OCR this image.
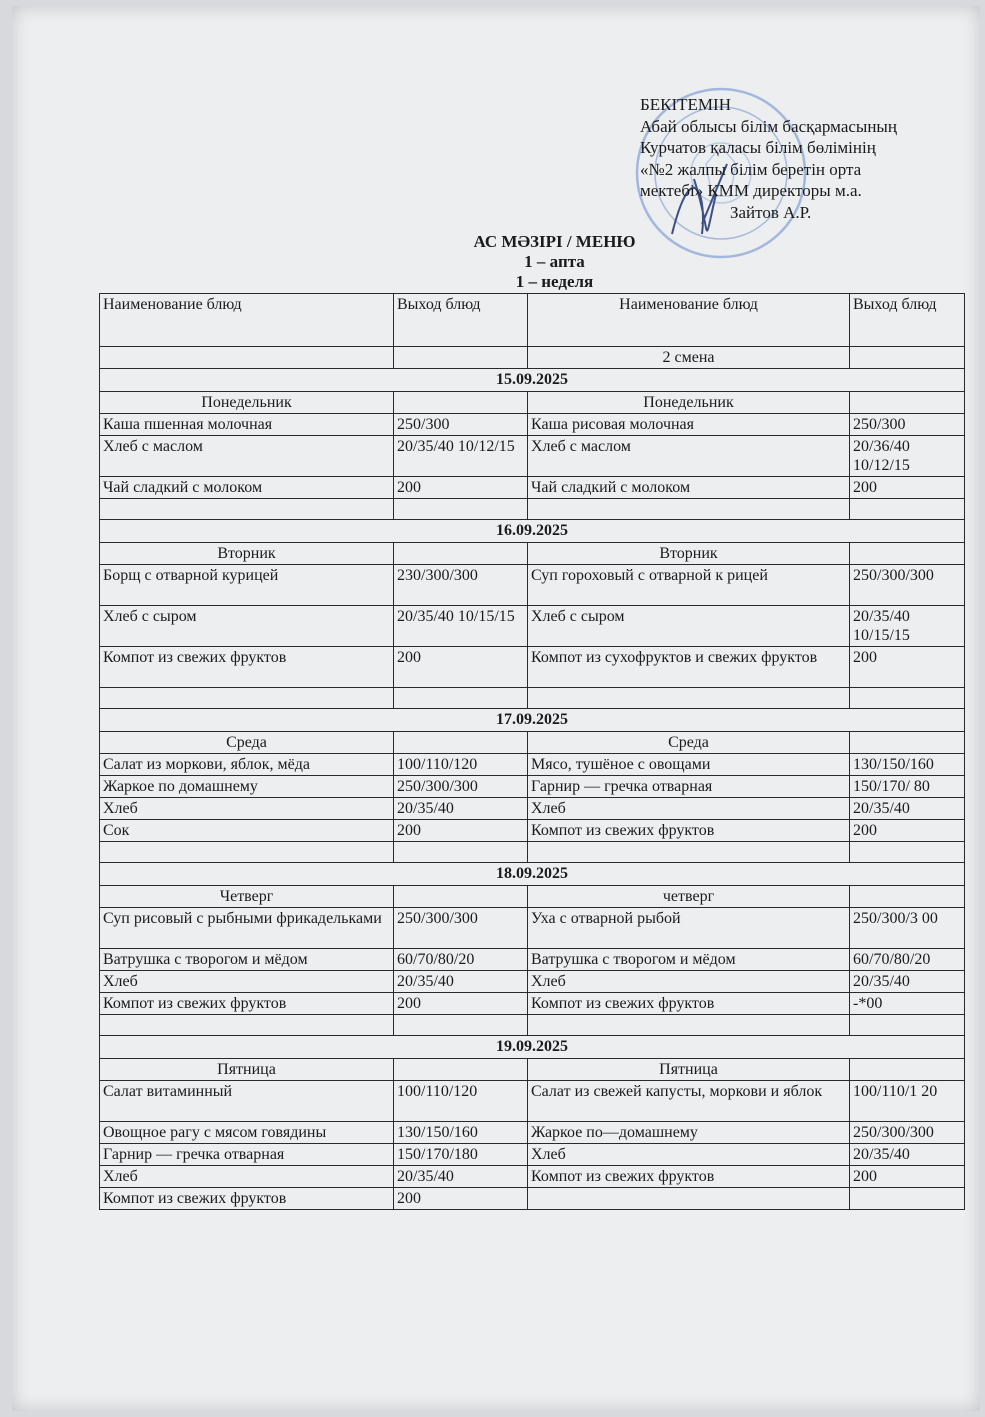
БЕКІТЕМІН
Абай облысы білім басқармасының
Курчатов қаласы білім бөлімінің
«№2 жалпы білім беретін орта
мектебі» КММ директоры м.а.
Зайтов А.Р.
АС МӘЗІРІ / МЕНЮ
1 – апта
1 – неделя
Наименование блюд	Выход блюд	Наименование блюд	Выход блюд
		2 смена	
15.09.2025			
Понедельник		Понедельник	
Каша пшенная молочная	250/300	Каша рисовая молочная	250/300
Хлеб с маслом	20/35/40 10/12/15	Хлеб с маслом	20/36/40 10/12/15
Чай сладкий с молоком	200	Чай сладкий с молоком	200

16.09.2025			
Вторник		Вторник	
Борщ с отварной курицей	230/300/300	Суп гороховый с отварной к рицей	250/300/300
Хлеб с сыром	20/35/40 10/15/15	Хлеб с сыром	20/35/40 10/15/15
Компот из свежих фруктов	200	Компот из сухофруктов и свежих фруктов	200

17.09.2025			
Среда		Среда	
Салат из моркови, яблок, мёда	100/110/120	Мясо, тушёное с овощами	130/150/160
Жаркое по домашнему	250/300/300	Гарнир — гречка отварная	150/170/ 80
Хлеб	20/35/40	Хлеб	20/35/40
Сок	200	Компот из свежих фруктов	200

18.09.2025			
Четверг		четверг	
Суп рисовый с рыбными фрикадельками	250/300/300	Уха с отварной рыбой	250/300/3 00
Ватрушка с творогом и мёдом	60/70/80/20	Ватрушка с творогом и мёдом	60/70/80/20
Хлеб	20/35/40	Хлеб	20/35/40
Компот из свежих фруктов	200	Компот из свежих фруктов	-*00

19.09.2025			
Пятница		Пятница	
Салат витаминный	100/110/120	Салат из свежей капусты, моркови и яблок	100/110/1 20
Овощное рагу с мясом говядины	130/150/160	Жаркое по—домашнему	250/300/300
Гарнир — гречка отварная	150/170/180	Хлеб	20/35/40
Хлеб	20/35/40	Компот из свежих фруктов	200
Компот из свежих фруктов	200		
